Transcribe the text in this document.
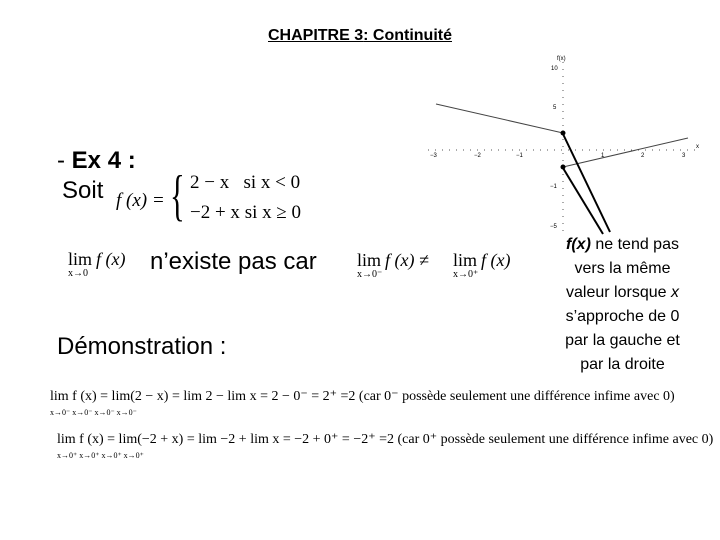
CHAPITRE 3: Continuité
- Ex 4 :
Soit f (x) = { 2 − x si x < 0
−2 + x si x ≥ 0
lim f (x)
x→0	n’existe pas car lim f (x) ≠
x→0⁻
lim f (x)
x→0⁺
Démonstration :
f(x) ne tend pas
vers la même
valeur lorsque x
s’approche de 0
par la gauche et
par la droite
lim f (x) = lim(2 − x) = lim 2 − lim x = 2 − 0⁻ = 2⁺ =2 (car 0⁻ possède seulement une différence infime avec 0)
x→0⁻ x→0⁻ x→0⁻ x→0⁻
lim f (x) = lim(−2 + x) = lim −2 + lim x = −2 + 0⁺ = −2⁺ =2 (car 0⁺ possède seulement une différence infime avec 0)
x→0⁺ x→0⁺ x→0⁺ x→0⁺
f(x)
x
10
5
−1
−5
−3	−2	−1	1	2	3
